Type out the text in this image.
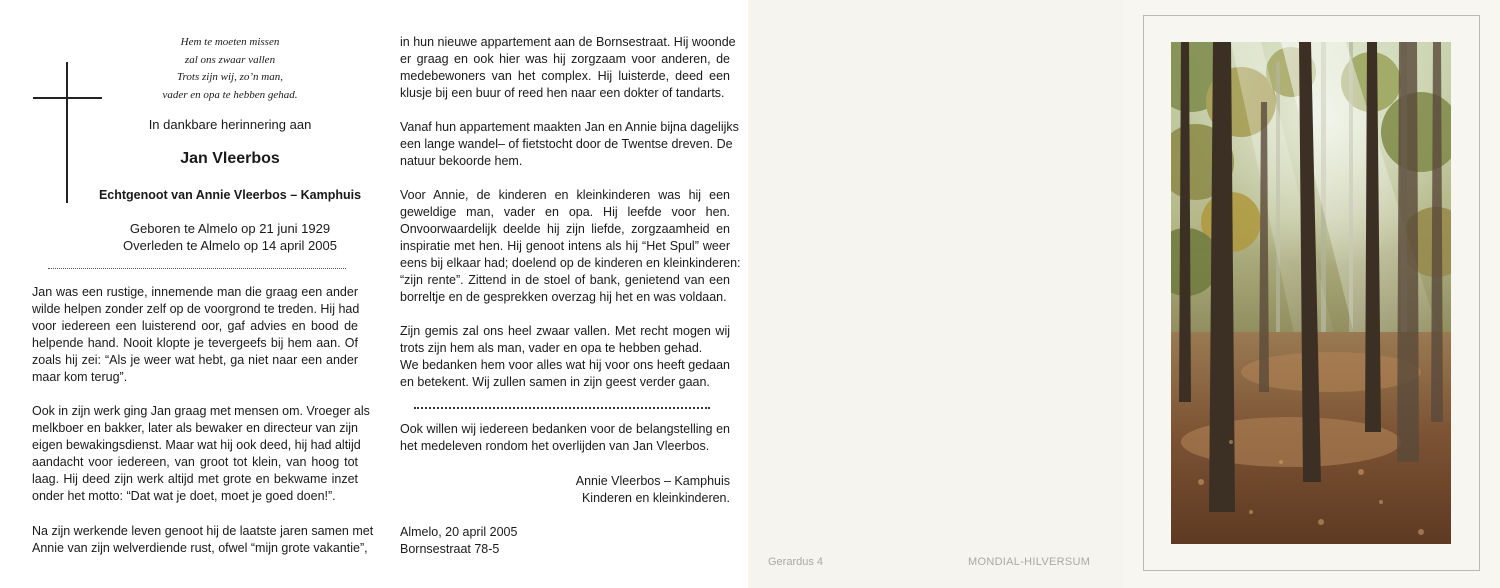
Hem te moeten missen
zal ons zwaar vallen
Trots zijn wij, zo’n man,
vader en opa te hebben gehad.
In dankbare herinnering aan
Jan Vleerbos
Echtgenoot van Annie Vleerbos – Kamphuis
Geboren te Almelo op 21 juni 1929
Overleden te Almelo op 14 april 2005
Jan was een rustige, innemende man die graag een ander
wilde helpen zonder zelf op de voorgrond te treden. Hij had
voor iedereen een luisterend oor, gaf advies en bood de
helpende hand. Nooit klopte je tevergeefs bij hem aan. Of
zoals hij zei: “Als je weer wat hebt, ga niet naar een ander
maar kom terug”.
Ook in zijn werk ging Jan graag met mensen om. Vroeger als
melkboer en bakker, later als bewaker en directeur van zijn
eigen bewakingsdienst. Maar wat hij ook deed, hij had altijd
aandacht voor iedereen, van groot tot klein, van hoog tot
laag. Hij deed zijn werk altijd met grote en bekwame inzet
onder het motto: “Dat wat je doet, moet je goed doen!”.
Na zijn werkende leven genoot hij de laatste jaren samen met
Annie van zijn welverdiende rust, ofwel “mijn grote vakantie”,
in hun nieuwe appartement aan de Bornsestraat. Hij woonde
er graag en ook hier was hij zorgzaam voor anderen, de
medebewoners van het complex. Hij luisterde, deed een
klusje bij een buur of reed hen naar een dokter of tandarts.
Vanaf hun appartement maakten Jan en Annie bijna dagelijks
een lange wandel– of fietstocht door de Twentse dreven. De
natuur bekoorde hem.
Voor Annie, de kinderen en kleinkinderen was hij een
geweldige man, vader en opa. Hij leefde voor hen.
Onvoorwaardelijk deelde hij zijn liefde, zorgzaamheid en
inspiratie met hen. Hij genoot intens als hij “Het Spul” weer
eens bij elkaar had; doelend op de kinderen en kleinkinderen:
“zijn rente”. Zittend in de stoel of bank, genietend van een
borreltje en de gesprekken overzag hij het en was voldaan.
Zijn gemis zal ons heel zwaar vallen. Met recht mogen wij
trots zijn hem als man, vader en opa te hebben gehad.
We bedanken hem voor alles wat hij voor ons heeft gedaan
en betekent. Wij zullen samen in zijn geest verder gaan.
Ook willen wij iedereen bedanken voor de belangstelling en
het medeleven rondom het overlijden van Jan Vleerbos.
Annie Vleerbos – Kamphuis
Kinderen en kleinkinderen.
Almelo, 20 april 2005
Bornsestraat 78-5
Gerardus 4	MONDIAL-HILVERSUM
